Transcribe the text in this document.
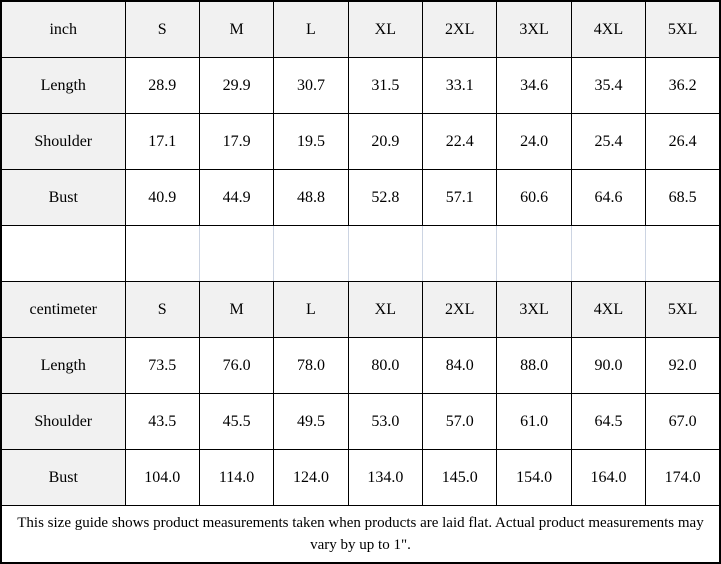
inch	S	M	L	XL	2XL	3XL	4XL	5XL
Length	28.9	29.9	30.7	31.5	33.1	34.6	35.4	36.2
Shoulder	17.1	17.9	19.5	20.9	22.4	24.0	25.4	26.4
Bust	40.9	44.9	48.8	52.8	57.1	60.6	64.6	68.5

centimeter	S	M	L	XL	2XL	3XL	4XL	5XL
Length	73.5	76.0	78.0	80.0	84.0	88.0	90.0	92.0
Shoulder	43.5	45.5	49.5	53.0	57.0	61.0	64.5	67.0
Bust	104.0	114.0	124.0	134.0	145.0	154.0	164.0	174.0
This size guide shows product measurements taken when products are laid flat. Actual product measurements may vary by up to 1".								
